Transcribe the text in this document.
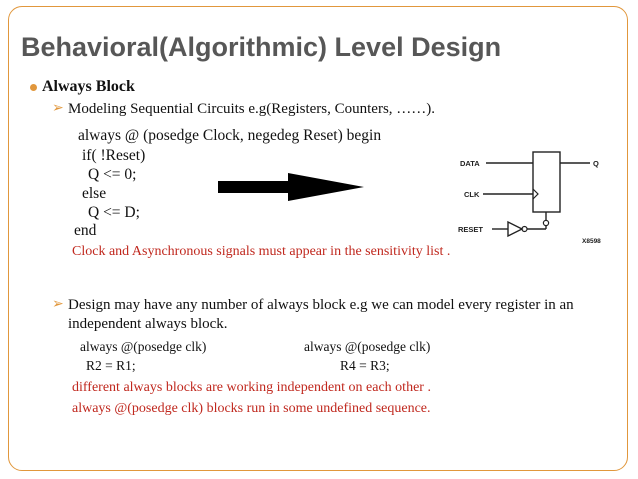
Behavioral(Algorithmic) Level Design
Always Block
➢ Modeling Sequential Circuits e.g(Registers, Counters, ……).
always @ (posedge Clock, negedeg Reset) begin
if( !Reset)
Q <= 0;
else
Q <= D;
end
DATA
CLK
RESET
Q
X8598
Clock and Asynchronous signals must appear in the sensitivity list .
➢ Design may have any number of always block e.g we can model every register in an
independent always block.
always @(posedge clk)
R2 = R1;
always @(posedge clk)
R4 = R3;
different always blocks are working independent on each other .
always @(posedge clk) blocks run in some undefined sequence.
